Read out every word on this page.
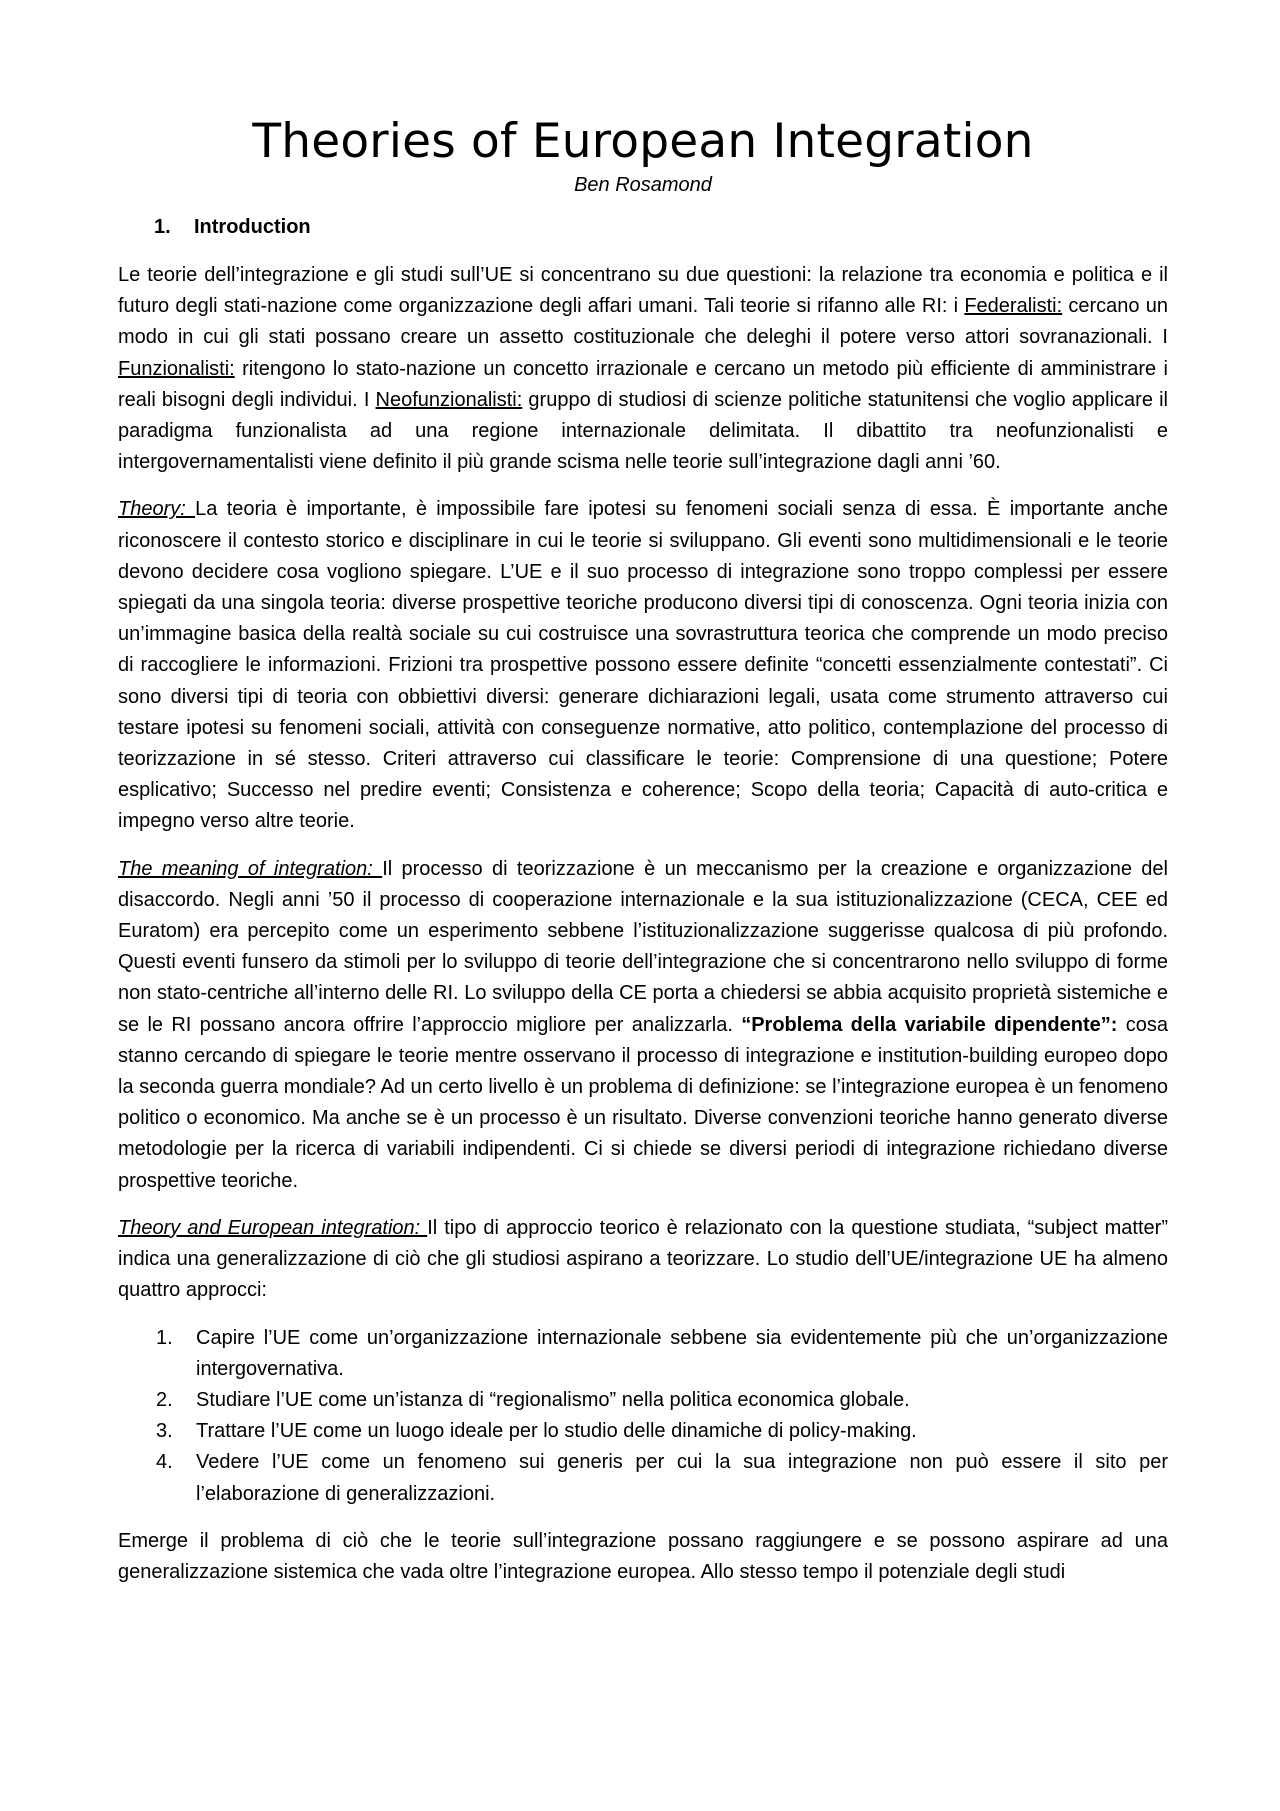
Theories of European Integration
Ben Rosamond
1. Introduction

Le teorie dell’integrazione e gli studi sull’UE si concentrano su due questioni: la relazione tra economia e politica e il futuro degli stati-nazione come organizzazione degli affari umani. Tali teorie si rifanno alle RI: i Federalisti: cercano un modo in cui gli stati possano creare un assetto costituzionale che deleghi il potere verso attori sovranazionali. I Funzionalisti: ritengono lo stato-nazione un concetto irrazionale e cercano un metodo più efficiente di amministrare i reali bisogni degli individui. I Neofunzionalisti: gruppo di studiosi di scienze politiche statunitensi che voglio applicare il paradigma funzionalista ad una regione internazionale delimitata. Il dibattito tra neofunzionalisti e intergovernamentalisti viene definito il più grande scisma nelle teorie sull’integrazione dagli anni ’60.

Theory: La teoria è importante, è impossibile fare ipotesi su fenomeni sociali senza di essa. È importante anche riconoscere il contesto storico e disciplinare in cui le teorie si sviluppano. Gli eventi sono multidimensionali e le teorie devono decidere cosa vogliono spiegare. L’UE e il suo processo di integrazione sono troppo complessi per essere spiegati da una singola teoria: diverse prospettive teoriche producono diversi tipi di conoscenza. Ogni teoria inizia con un’immagine basica della realtà sociale su cui costruisce una sovrastruttura teorica che comprende un modo preciso di raccogliere le informazioni. Frizioni tra prospettive possono essere definite “concetti essenzialmente contestati”. Ci sono diversi tipi di teoria con obbiettivi diversi: generare dichiarazioni legali, usata come strumento attraverso cui testare ipotesi su fenomeni sociali, attività con conseguenze normative, atto politico, contemplazione del processo di teorizzazione in sé stesso. Criteri attraverso cui classificare le teorie: Comprensione di una questione; Potere esplicativo; Successo nel predire eventi; Consistenza e coherence; Scopo della teoria; Capacità di auto-critica e impegno verso altre teorie.

The meaning of integration: Il processo di teorizzazione è un meccanismo per la creazione e organizzazione del disaccordo. Negli anni ’50 il processo di cooperazione internazionale e la sua istituzionalizzazione (CECA, CEE ed Euratom) era percepito come un esperimento sebbene l’istituzionalizzazione suggerisse qualcosa di più profondo. Questi eventi funsero da stimoli per lo sviluppo di teorie dell’integrazione che si concentrarono nello sviluppo di forme non stato-centriche all’interno delle RI. Lo sviluppo della CE porta a chiedersi se abbia acquisito proprietà sistemiche e se le RI possano ancora offrire l’approccio migliore per analizzarla. “Problema della variabile dipendente”: cosa stanno cercando di spiegare le teorie mentre osservano il processo di integrazione e institution-building europeo dopo la seconda guerra mondiale? Ad un certo livello è un problema di definizione: se l’integrazione europea è un fenomeno politico o economico. Ma anche se è un processo è un risultato. Diverse convenzioni teoriche hanno generato diverse metodologie per la ricerca di variabili indipendenti. Ci si chiede se diversi periodi di integrazione richiedano diverse prospettive teoriche.

Theory and European integration: Il tipo di approccio teorico è relazionato con la questione studiata, “subject matter” indica una generalizzazione di ciò che gli studiosi aspirano a teorizzare. Lo studio dell’UE/integrazione UE ha almeno quattro approcci:

1. Capire l’UE come un’organizzazione internazionale sebbene sia evidentemente più che un’organizzazione intergovernativa.
2. Studiare l’UE come un’istanza di “regionalismo” nella politica economica globale.
3. Trattare l’UE come un luogo ideale per lo studio delle dinamiche di policy-making.
4. Vedere l’UE come un fenomeno sui generis per cui la sua integrazione non può essere il sito per l’elaborazione di generalizzazioni.

Emerge il problema di ciò che le teorie sull’integrazione possano raggiungere e se possono aspirare ad una generalizzazione sistemica che vada oltre l’integrazione europea. Allo stesso tempo il potenziale degli studi
